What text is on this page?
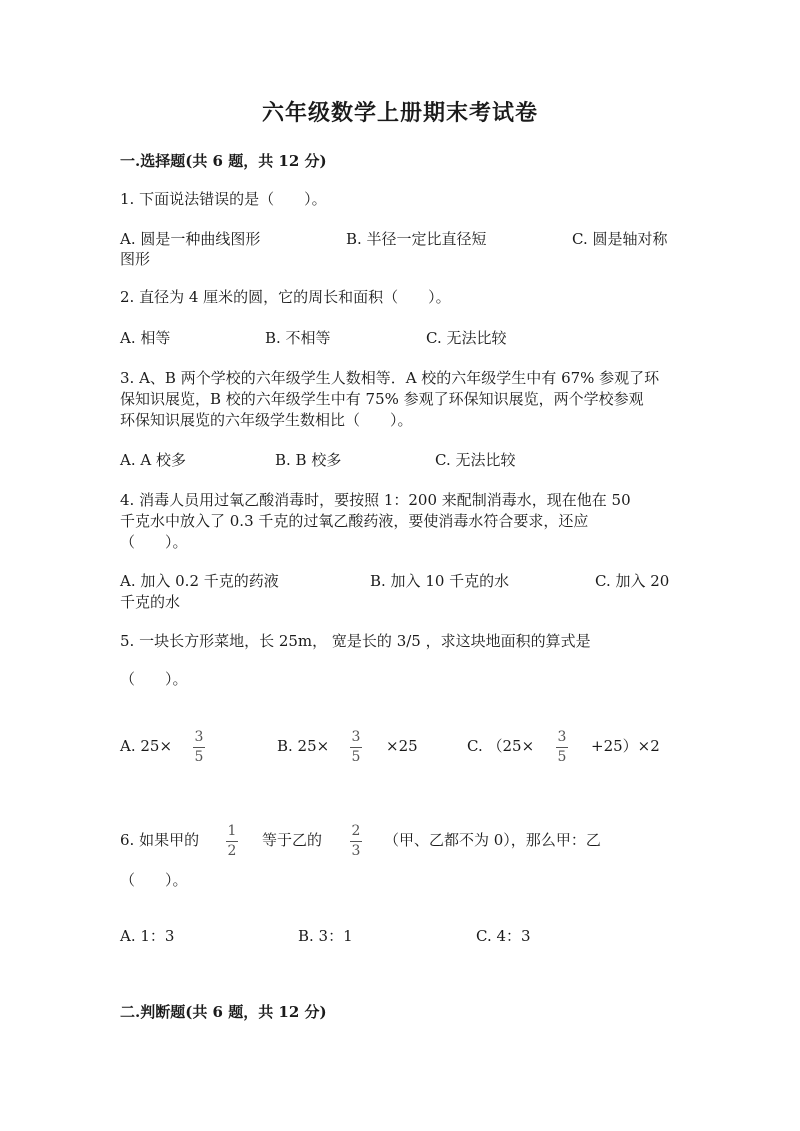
六年级数学上册期末考试卷
一.选择题(共 6 题，共 12 分)
1. 下面说法错误的是（　　）。
A. 圆是一种曲线图形	B. 半径一定比直径短	C. 圆是轴对称
图形
2. 直径为 4 厘米的圆，它的周长和面积（　　）。
A. 相等	B. 不相等	C. 无法比较
3. A、B 两个学校的六年级学生人数相等．A 校的六年级学生中有 67% 参观了环
保知识展览，B 校的六年级学生中有 75% 参观了环保知识展览，两个学校参观
环保知识展览的六年级学生数相比（　　）。
A. A 校多	B. B 校多	C. 无法比较
4. 消毒人员用过氧乙酸消毒时，要按照 1：200 来配制消毒水，现在他在 50
千克水中放入了 0.3 千克的过氧乙酸药液，要使消毒水符合要求，还应
（　　）。
A. 加入 0.2 千克的药液	B. 加入 10 千克的水	C. 加入 20
千克的水
5. 一块长方形菜地，长 25m， 宽是长的 3/5 ，求这块地面积的算式是
（　　）。
A. 25× 3
5
B. 25× 3
5
×25	C. （25× 3
5
+25）×2
6. 如果甲的 1
2
等于乙的 2
3
（甲、乙都不为 0），那么甲：乙
（　　）。
A. 1：3	B. 3：1	C. 4：3
二.判断题(共 6 题，共 12 分)
